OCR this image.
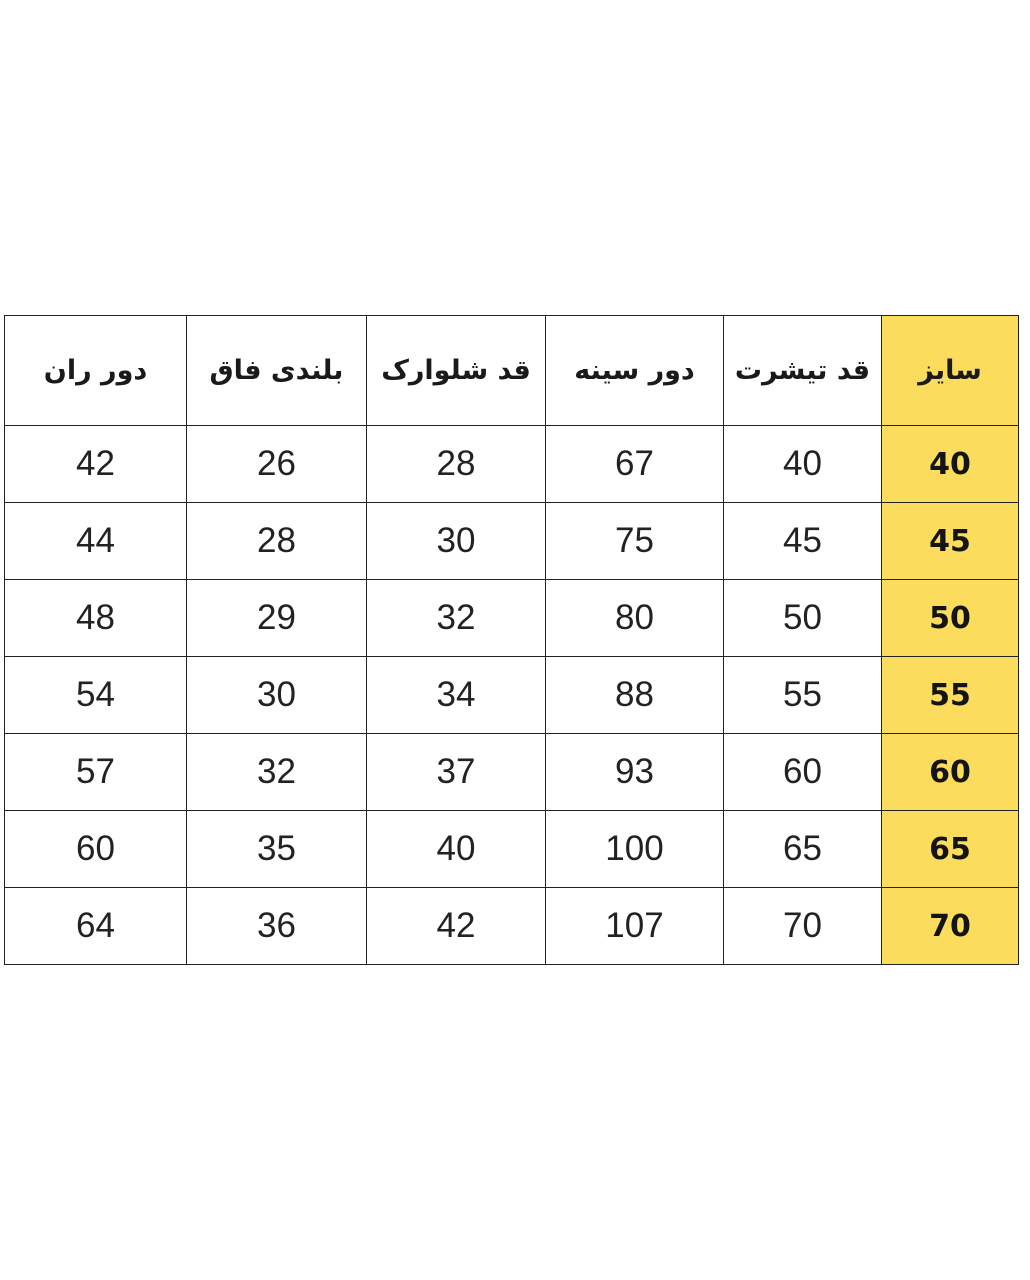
دور ران	بلندی فاق	قد شلوارک	دور سینه	قد تیشرت	سایز
42	26	28	67	40	40
44	28	30	75	45	45
48	29	32	80	50	50
54	30	34	88	55	55
57	32	37	93	60	60
60	35	40	100	65	65
64	36	42	107	70	70
